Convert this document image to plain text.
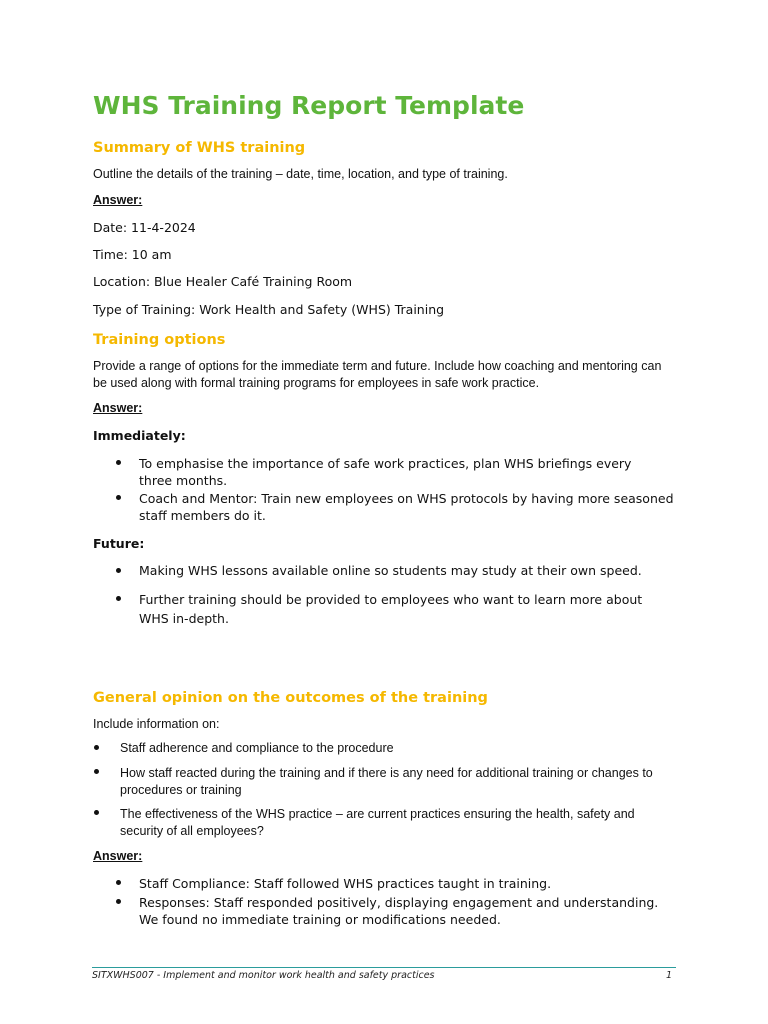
WHS Training Report Template
Summary of WHS training
Outline the details of the training – date, time, location, and type of training.
Answer:
Date: 11-4-2024
Time: 10 am
Location: Blue Healer Café Training Room
Type of Training: Work Health and Safety (WHS) Training
Training options
Provide a range of options for the immediate term and future. Include how coaching and mentoring can be used along with formal training programs for employees in safe work practice.
Answer:
Immediately:
To emphasise the importance of safe work practices, plan WHS briefings every three months.
Coach and Mentor: Train new employees on WHS protocols by having more seasoned staff members do it.
Future:
Making WHS lessons available online so students may study at their own speed.
Further training should be provided to employees who want to learn more about WHS in-depth.
General opinion on the outcomes of the training
Include information on:
Staff adherence and compliance to the procedure
How staff reacted during the training and if there is any need for additional training or changes to procedures or training
The effectiveness of the WHS practice – are current practices ensuring the health, safety and security of all employees?
Answer:
Staff Compliance: Staff followed WHS practices taught in training.
Responses: Staff responded positively, displaying engagement and understanding. We found no immediate training or modifications needed.
SITXWHS007 - Implement and monitor work health and safety practices	1
